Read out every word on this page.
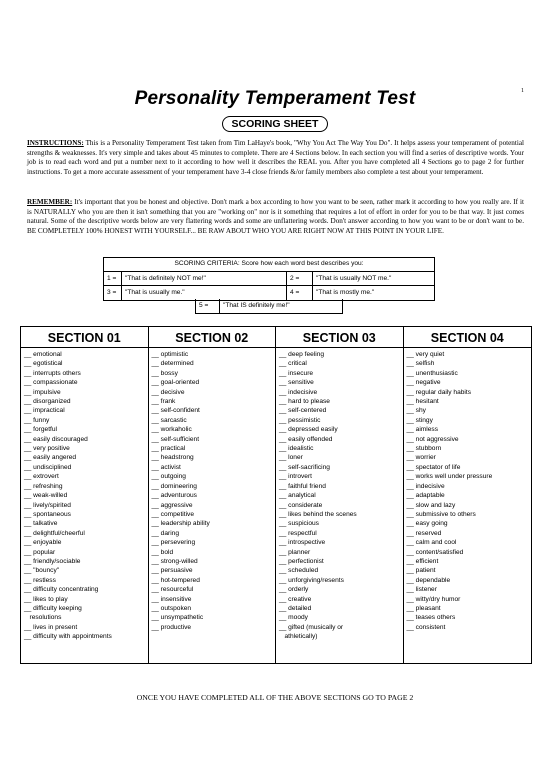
1
Personality Temperament Test
SCORING SHEET
INSTRUCTIONS: This is a Personality Temperament Test taken from Tim LaHaye's book, "Why You Act The Way You Do". It helps assess your temperament of potential strengths & weaknesses. It's very simple and takes about 45 minutes to complete. There are 4 Sections below. In each section you will find a series of descriptive words. Your job is to read each word and put a number next to it according to how well it describes the REAL you. After you have completed all 4 Sections go to page 2 for further instructions. To get a more accurate assessment of your temperament have 3-4 close friends &/or family members also complete a test about your temperament.
REMEMBER: It's important that you be honest and objective. Don't mark a box according to how you want to be seen, rather mark it according to how you really are. If it is NATURALLY who you are then it isn't something that you are "working on" nor is it something that requires a lot of effort in order for you to be that way. It just comes natural. Some of the descriptive words below are very flattering words and some are unflattering words. Don't answer according to how you want to be or don't want to be. BE COMPLETELY 100% HONEST WITH YOURSELF... BE RAW ABOUT WHO YOU ARE RIGHT NOW AT THIS POINT IN YOUR LIFE.
SCORING CRITERIA: Score how each word best describes you:
1 =	"That is definitely NOT me!"	2 =	"That is usually NOT me."
3 =	"That is usually me."	4 =	"That is mostly me."
5 =	"That IS definitely me!"
SECTION 01
__ emotional
__ egotistical
__ interrupts others
__ compassionate
__ impulsive
__ disorganized
__ impractical
__ funny
__ forgetful
__ easily discouraged
__ very positive
__ easily angered
__ undisciplined
__ extrovert
__ refreshing
__ weak-willed
__ lively/spirited
__ spontaneous
__ talkative
__ delightful/cheerful
__ enjoyable
__ popular
__ friendly/sociable
__ "bouncy"
__ restless
__ difficulty concentrating
__ likes to play
__ difficulty keeping
resolutions
__ lives in present
__ difficulty with appointments
SECTION 02
__ optimistic
__ determined
__ bossy
__ goal-oriented
__ decisive
__ frank
__ self-confident
__ sarcastic
__ workaholic
__ self-sufficient
__ practical
__ headstrong
__ activist
__ outgoing
__ domineering
__ adventurous
__ aggressive
__ competitive
__ leadership ability
__ daring
__ persevering
__ bold
__ strong-willed
__ persuasive
__ hot-tempered
__ resourceful
__ insensitive
__ outspoken
__ unsympathetic
__ productive
SECTION 03
__ deep feeling
__ critical
__ insecure
__ sensitive
__ indecisive
__ hard to please
__ self-centered
__ pessimistic
__ depressed easily
__ easily offended
__ idealistic
__ loner
__ self-sacrificing
__ introvert
__ faithful friend
__ analytical
__ considerate
__ likes behind the scenes
__ suspicious
__ respectful
__ introspective
__ planner
__ perfectionist
__ scheduled
__ unforgiving/resents
__ orderly
__ creative
__ detailed
__ moody
__ gifted (musically or
athletically)
SECTION 04
__ very quiet
__ selfish
__ unenthusiastic
__ negative
__ regular daily habits
__ hesitant
__ shy
__ stingy
__ aimless
__ not aggressive
__ stubborn
__ worrier
__ spectator of life
__ works well under pressure
__ indecisive
__ adaptable
__ slow and lazy
__ submissive to others
__ easy going
__ reserved
__ calm and cool
__ content/satisfied
__ efficient
__ patient
__ dependable
__ listener
__ witty/dry humor
__ pleasant
__ teases others
__ consistent
ONCE YOU HAVE COMPLETED ALL OF THE ABOVE SECTIONS GO TO PAGE 2
